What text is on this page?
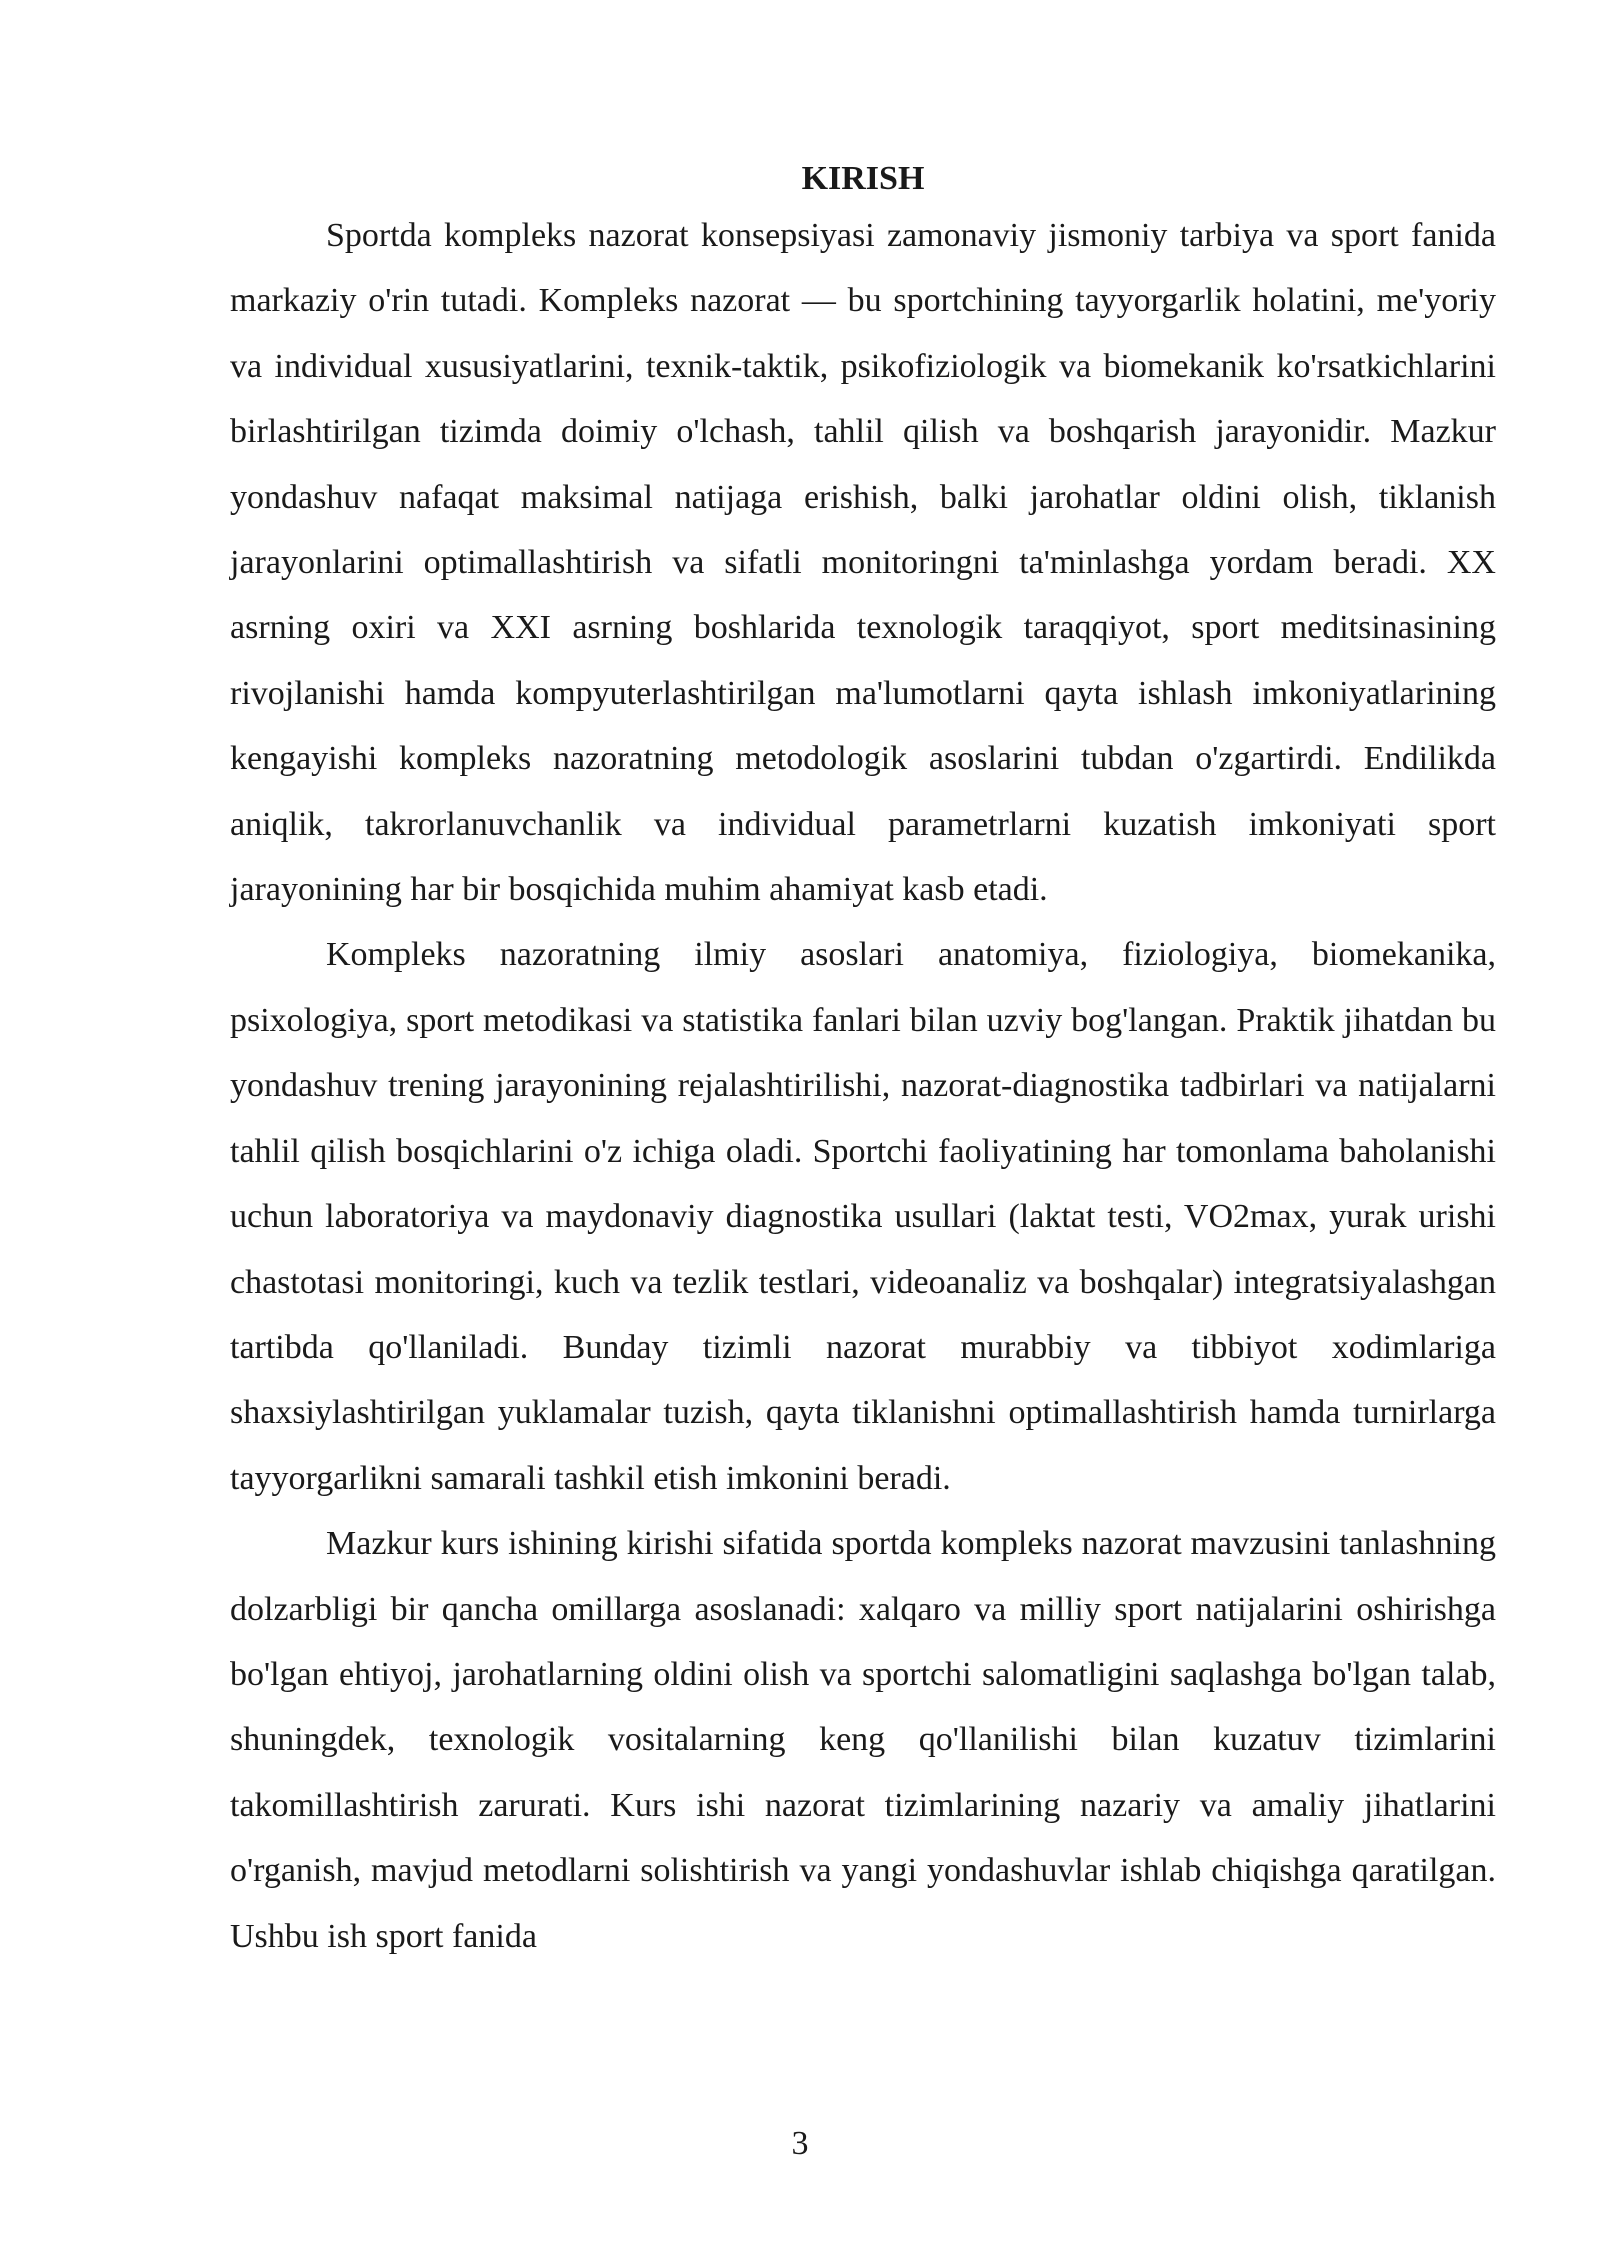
KIRISH

Sportda kompleks nazorat konsepsiyasi zamonaviy jismoniy tarbiya va sport fanida markaziy o'rin tutadi. Kompleks nazorat — bu sportchining tayyorgarlik holatini, me'yoriy va individual xususiyatlarini, texnik-taktik, psikofiziologik va biomekanik ko'rsatkichlarini birlashtirilgan tizimda doimiy o'lchash, tahlil qilish va boshqarish jarayonidir. Mazkur yondashuv nafaqat maksimal natijaga erishish, balki jarohatlar oldini olish, tiklanish jarayonlarini optimallashtirish va sifatli monitoringni ta'minlashga yordam beradi. XX asrning oxiri va XXI asrning boshlarida texnologik taraqqiyot, sport meditsinasining rivojlanishi hamda kompyuterlashtirilgan ma'lumotlarni qayta ishlash imkoniyatlarining kengayishi kompleks nazoratning metodologik asoslarini tubdan o'zgartirdi. Endilikda aniqlik, takrorlanuvchanlik va individual parametrlarni kuzatish imkoniyati sport jarayonining har bir bosqichida muhim ahamiyat kasb etadi.

Kompleks nazoratning ilmiy asoslari anatomiya, fiziologiya, biomekanika, psixologiya, sport metodikasi va statistika fanlari bilan uzviy bog'langan. Praktik jihatdan bu yondashuv trening jarayonining rejalashtirilishi, nazorat-diagnostika tadbirlari va natijalarni tahlil qilish bosqichlarini o'z ichiga oladi. Sportchi faoliyatining har tomonlama baholanishi uchun laboratoriya va maydonaviy diagnostika usullari (laktat testi, VO2max, yurak urishi chastotasi monitoringi, kuch va tezlik testlari, videoanaliz va boshqalar) integratsiyalashgan tartibda qo'llaniladi. Bunday tizimli nazorat murabbiy va tibbiyot xodimlariga shaxsiylashtirilgan yuklamalar tuzish, qayta tiklanishni optimallashtirish hamda turnirlarga tayyorgarlikni samarali tashkil etish imkonini beradi.

Mazkur kurs ishining kirishi sifatida sportda kompleks nazorat mavzusini tanlashning dolzarbligi bir qancha omillarga asoslanadi: xalqaro va milliy sport natijalarini oshirishga bo'lgan ehtiyoj, jarohatlarning oldini olish va sportchi salomatligini saqlashga bo'lgan talab, shuningdek, texnologik vositalarning keng qo'llanilishi bilan kuzatuv tizimlarini takomillashtirish zarurati. Kurs ishi nazorat tizimlarining nazariy va amaliy jihatlarini o'rganish, mavjud metodlarni solishtirish va yangi yondashuvlar ishlab chiqishga qaratilgan. Ushbu ish sport fanida

3
